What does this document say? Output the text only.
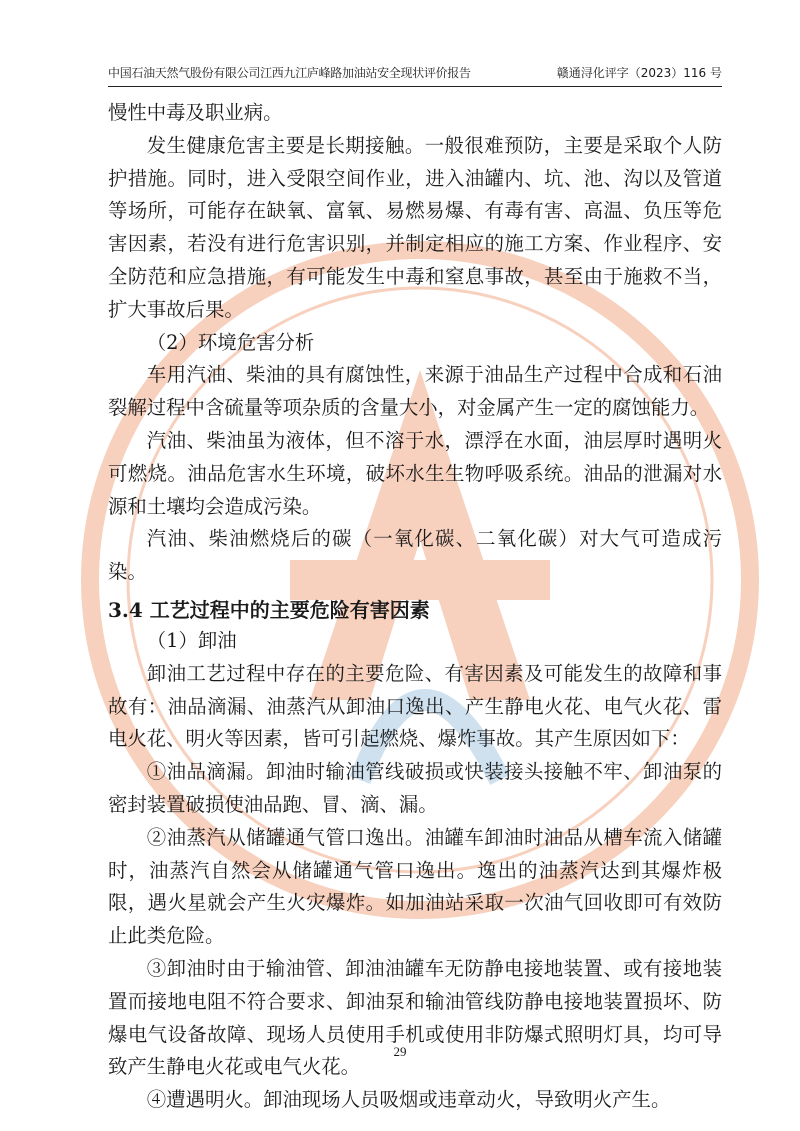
中国石油天然气股份有限公司江西九江庐峰路加油站安全现状评价报告	赣通浔化评字（2023）116 号

慢性中毒及职业病。

发生健康危害主要是长期接触。一般很难预防，主要是采取个人防护措施。同时，进入受限空间作业，进入油罐内、坑、池、沟以及管道等场所，可能存在缺氧、富氧、易燃易爆、有毒有害、高温、负压等危害因素，若没有进行危害识别，并制定相应的施工方案、作业程序、安全防范和应急措施，有可能发生中毒和窒息事故，甚至由于施救不当，扩大事故后果。

（2）环境危害分析

车用汽油、柴油的具有腐蚀性，来源于油品生产过程中合成和石油裂解过程中含硫量等项杂质的含量大小，对金属产生一定的腐蚀能力。

汽油、柴油虽为液体，但不溶于水，漂浮在水面，油层厚时遇明火可燃烧。油品危害水生环境，破坏水生生物呼吸系统。油品的泄漏对水源和土壤均会造成污染。

汽油、柴油燃烧后的碳（一氧化碳、二氧化碳）对大气可造成污染。

3.4 工艺过程中的主要危险有害因素

（1）卸油

卸油工艺过程中存在的主要危险、有害因素及可能发生的故障和事故有：油品滴漏、油蒸汽从卸油口逸出、产生静电火花、电气火花、雷电火花、明火等因素，皆可引起燃烧、爆炸事故。其产生原因如下：

①油品滴漏。卸油时输油管线破损或快装接头接触不牢、卸油泵的密封装置破损使油品跑、冒、滴、漏。

②油蒸汽从储罐通气管口逸出。油罐车卸油时油品从槽车流入储罐时，油蒸汽自然会从储罐通气管口逸出。逸出的油蒸汽达到其爆炸极限，遇火星就会产生火灾爆炸。如加油站采取一次油气回收即可有效防止此类危险。

③卸油时由于输油管、卸油油罐车无防静电接地装置、或有接地装置而接地电阻不符合要求、卸油泵和输油管线防静电接地装置损坏、防爆电气设备故障、现场人员使用手机或使用非防爆式照明灯具，均可导致产生静电火花或电气火花。

④遭遇明火。卸油现场人员吸烟或违章动火，导致明火产生。

29
